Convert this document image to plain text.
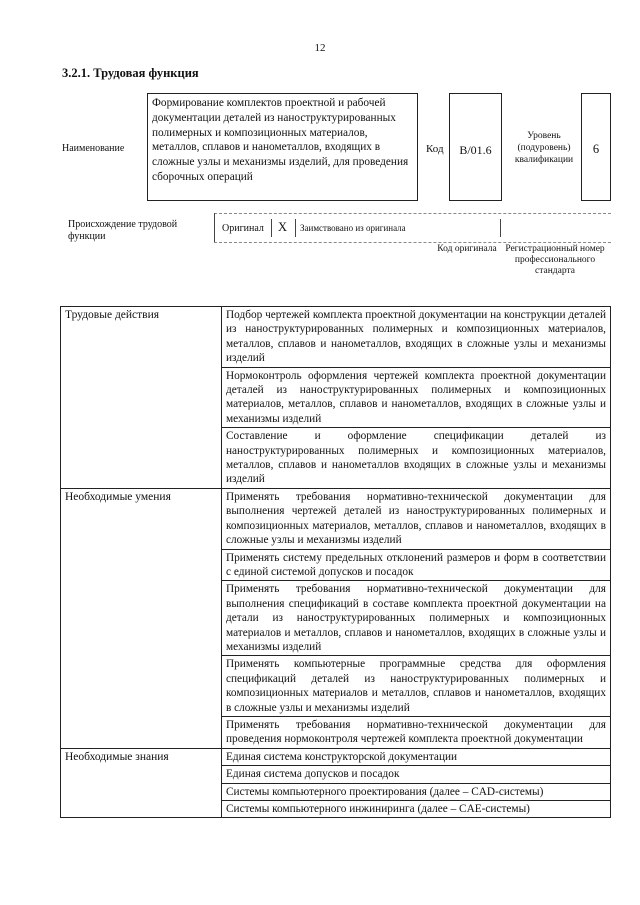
12
3.2.1. Трудовая функция
Наименование
Формирование комплектов проектной и рабочей документации деталей из наноструктурированных полимерных и композиционных материалов, металлов, сплавов и нанометаллов, входящих в сложные узлы и механизмы изделий, для проведения сборочных операций
Код	B/01.6
Уровень (подуровень) квалификации
6
Происхождение трудовой функции
Оригинал X Заимствовано из оригинала
Код оригинала Регистрационный номер профессионального стандарта
Трудовые действия	Подбор чертежей комплекта проектной документации на конструкции деталей из наноструктурированных полимерных и композиционных материалов, металлов, сплавов и нанометаллов, входящих в сложные узлы и механизмы изделий
Нормоконтроль оформления чертежей комплекта проектной документации деталей из наноструктурированных полимерных и композиционных материалов, металлов, сплавов и нанометаллов, входящих в сложные узлы и механизмы изделий
Составление и оформление спецификации деталей из наноструктурированных полимерных и композиционных материалов, металлов, сплавов и нанометаллов входящих в сложные узлы и механизмы изделий

Необходимые умения	Применять требования нормативно-технической документации для выполнения чертежей деталей из наноструктурированных полимерных и композиционных материалов, металлов, сплавов и нанометаллов, входящих в сложные узлы и механизмы изделий
Применять систему предельных отклонений размеров и форм в соответствии с единой системой допусков и посадок
Применять требования нормативно-технической документации для выполнения спецификаций в составе комплекта проектной документации на детали из наноструктурированных полимерных и композиционных материалов и металлов, сплавов и нанометаллов, входящих в сложные узлы и механизмы изделий
Применять компьютерные программные средства для оформления спецификаций деталей из наноструктурированных полимерных и композиционных материалов и металлов, сплавов и нанометаллов, входящих в сложные узлы и механизмы изделий
Применять требования нормативно-технической документации для проведения нормоконтроля чертежей комплекта проектной документации

Необходимые знания	Единая система конструкторской документации
Единая система допусков и посадок
Системы компьютерного проектирования (далее – CAD-системы)
Системы компьютерного инжиниринга (далее – CAE-системы)
